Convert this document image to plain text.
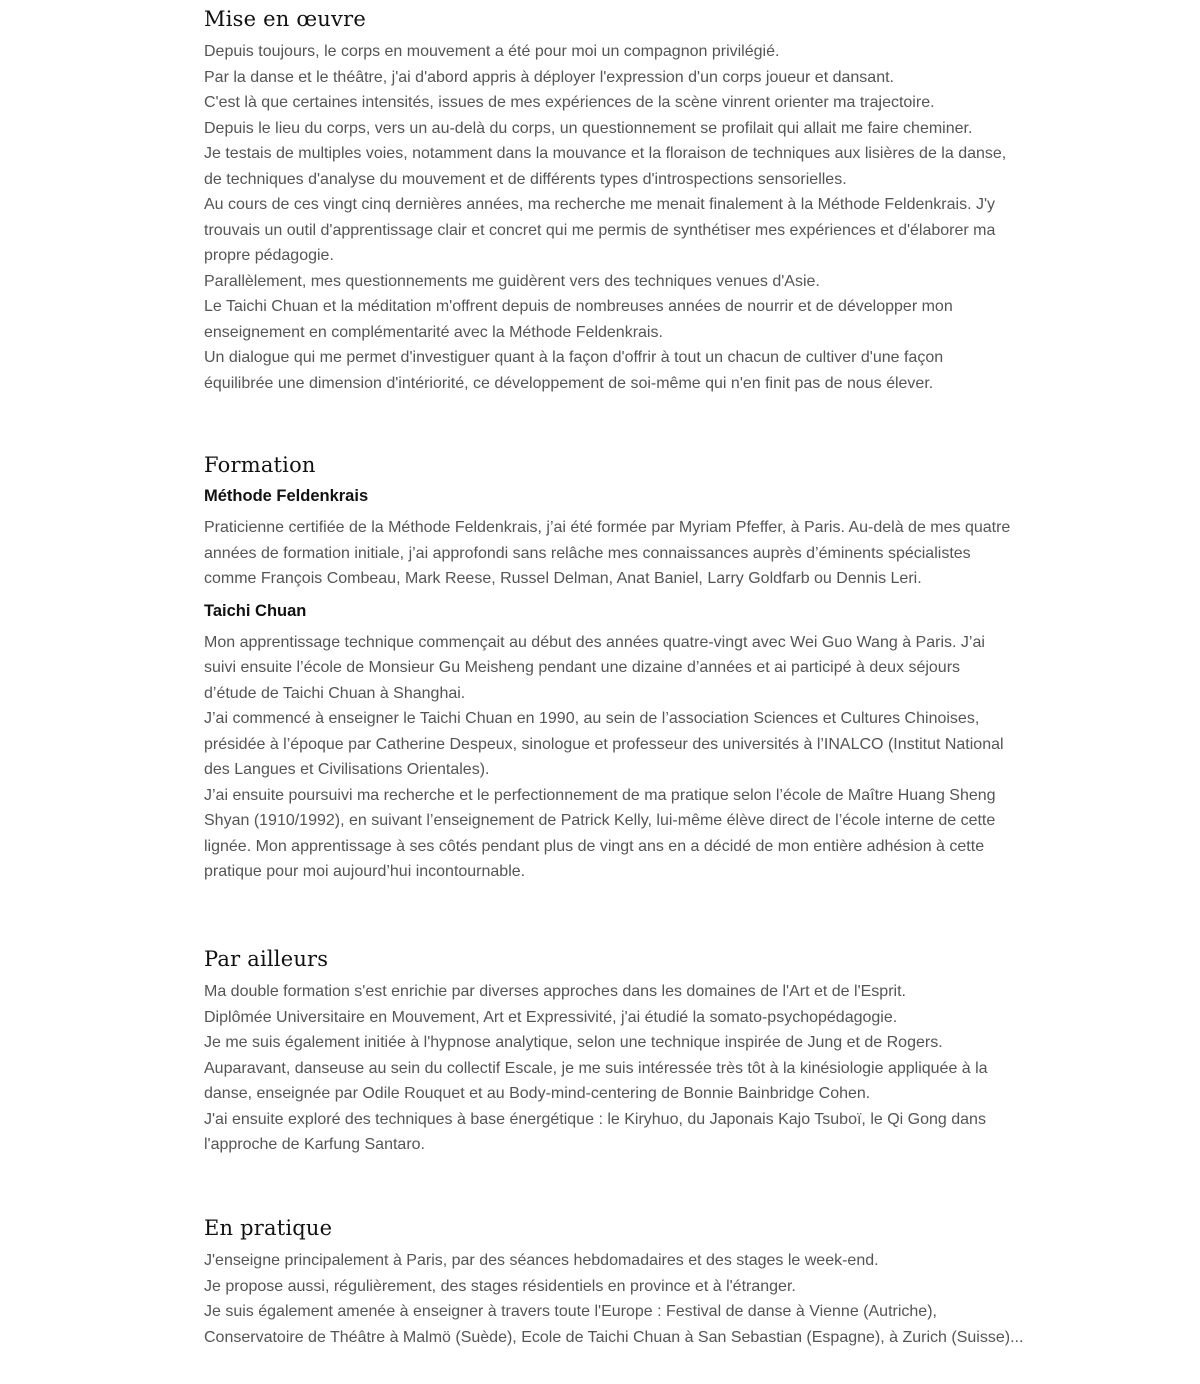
Mise en œuvre

Depuis toujours, le corps en mouvement a été pour moi un compagnon privilégié.
Par la danse et le théâtre, j'ai d'abord appris à déployer l'expression d'un corps joueur et dansant.
C'est là que certaines intensités, issues de mes expériences de la scène vinrent orienter ma trajectoire.
Depuis le lieu du corps, vers un au-delà du corps, un questionnement se profilait qui allait me faire cheminer.
Je testais de multiples voies, notamment dans la mouvance et la floraison de techniques aux lisières de la danse,
de techniques d'analyse du mouvement et de différents types d'introspections sensorielles.
Au cours de ces vingt cinq dernières années, ma recherche me menait finalement à la Méthode Feldenkrais. J'y
trouvais un outil d'apprentissage clair et concret qui me permis de synthétiser mes expériences et d'élaborer ma
propre pédagogie.
Parallèlement, mes questionnements me guidèrent vers des techniques venues d'Asie.
Le Taichi Chuan et la méditation m'offrent depuis de nombreuses années de nourrir et de développer mon
enseignement en complémentarité avec la Méthode Feldenkrais.
Un dialogue qui me permet d'investiguer quant à la façon d'offrir à tout un chacun de cultiver d'une façon
équilibrée une dimension d'intériorité, ce développement de soi-même qui n'en finit pas de nous élever.

Formation
Méthode Feldenkrais

Praticienne certifiée de la Méthode Feldenkrais, j’ai été formée par Myriam Pfeffer, à Paris. Au-delà de mes quatre
années de formation initiale, j’ai approfondi sans relâche mes connaissances auprès d’éminents spécialistes
comme François Combeau, Mark Reese, Russel Delman, Anat Baniel, Larry Goldfarb ou Dennis Leri.

Taichi Chuan

Mon apprentissage technique commençait au début des années quatre-vingt avec Wei Guo Wang à Paris. J’ai
suivi ensuite l’école de Monsieur Gu Meisheng pendant une dizaine d’années et ai participé à deux séjours
d’étude de Taichi Chuan à Shanghai.
J’ai commencé à enseigner le Taichi Chuan en 1990, au sein de l’association Sciences et Cultures Chinoises,
présidée à l’époque par Catherine Despeux, sinologue et professeur des universités à l’INALCO (Institut National
des Langues et Civilisations Orientales).
J’ai ensuite poursuivi ma recherche et le perfectionnement de ma pratique selon l’école de Maître Huang Sheng
Shyan (1910/1992), en suivant l’enseignement de Patrick Kelly, lui-même élève direct de l’école interne de cette
lignée. Mon apprentissage à ses côtés pendant plus de vingt ans en a décidé de mon entière adhésion à cette
pratique pour moi aujourd’hui incontournable.

Par ailleurs

Ma double formation s'est enrichie par diverses approches dans les domaines de l'Art et de l'Esprit.
Diplômée Universitaire en Mouvement, Art et Expressivité, j'ai étudié la somato-psychopédagogie.
Je me suis également initiée à l'hypnose analytique, selon une technique inspirée de Jung et de Rogers.
Auparavant, danseuse au sein du collectif Escale, je me suis intéressée très tôt à la kinésiologie appliquée à la
danse, enseignée par Odile Rouquet et au Body-mind-centering de Bonnie Bainbridge Cohen.
J'ai ensuite exploré des techniques à base énergétique : le Kiryhuo, du Japonais Kajo Tsuboï, le Qi Gong dans
l'approche de Karfung Santaro.

En pratique

J'enseigne principalement à Paris, par des séances hebdomadaires et des stages le week-end.
Je propose aussi, régulièrement, des stages résidentiels en province et à l'étranger.
Je suis également amenée à enseigner à travers toute l'Europe : Festival de danse à Vienne (Autriche),
Conservatoire de Théâtre à Malmö (Suède), Ecole de Taichi Chuan à San Sebastian (Espagne), à Zurich (Suisse)...
